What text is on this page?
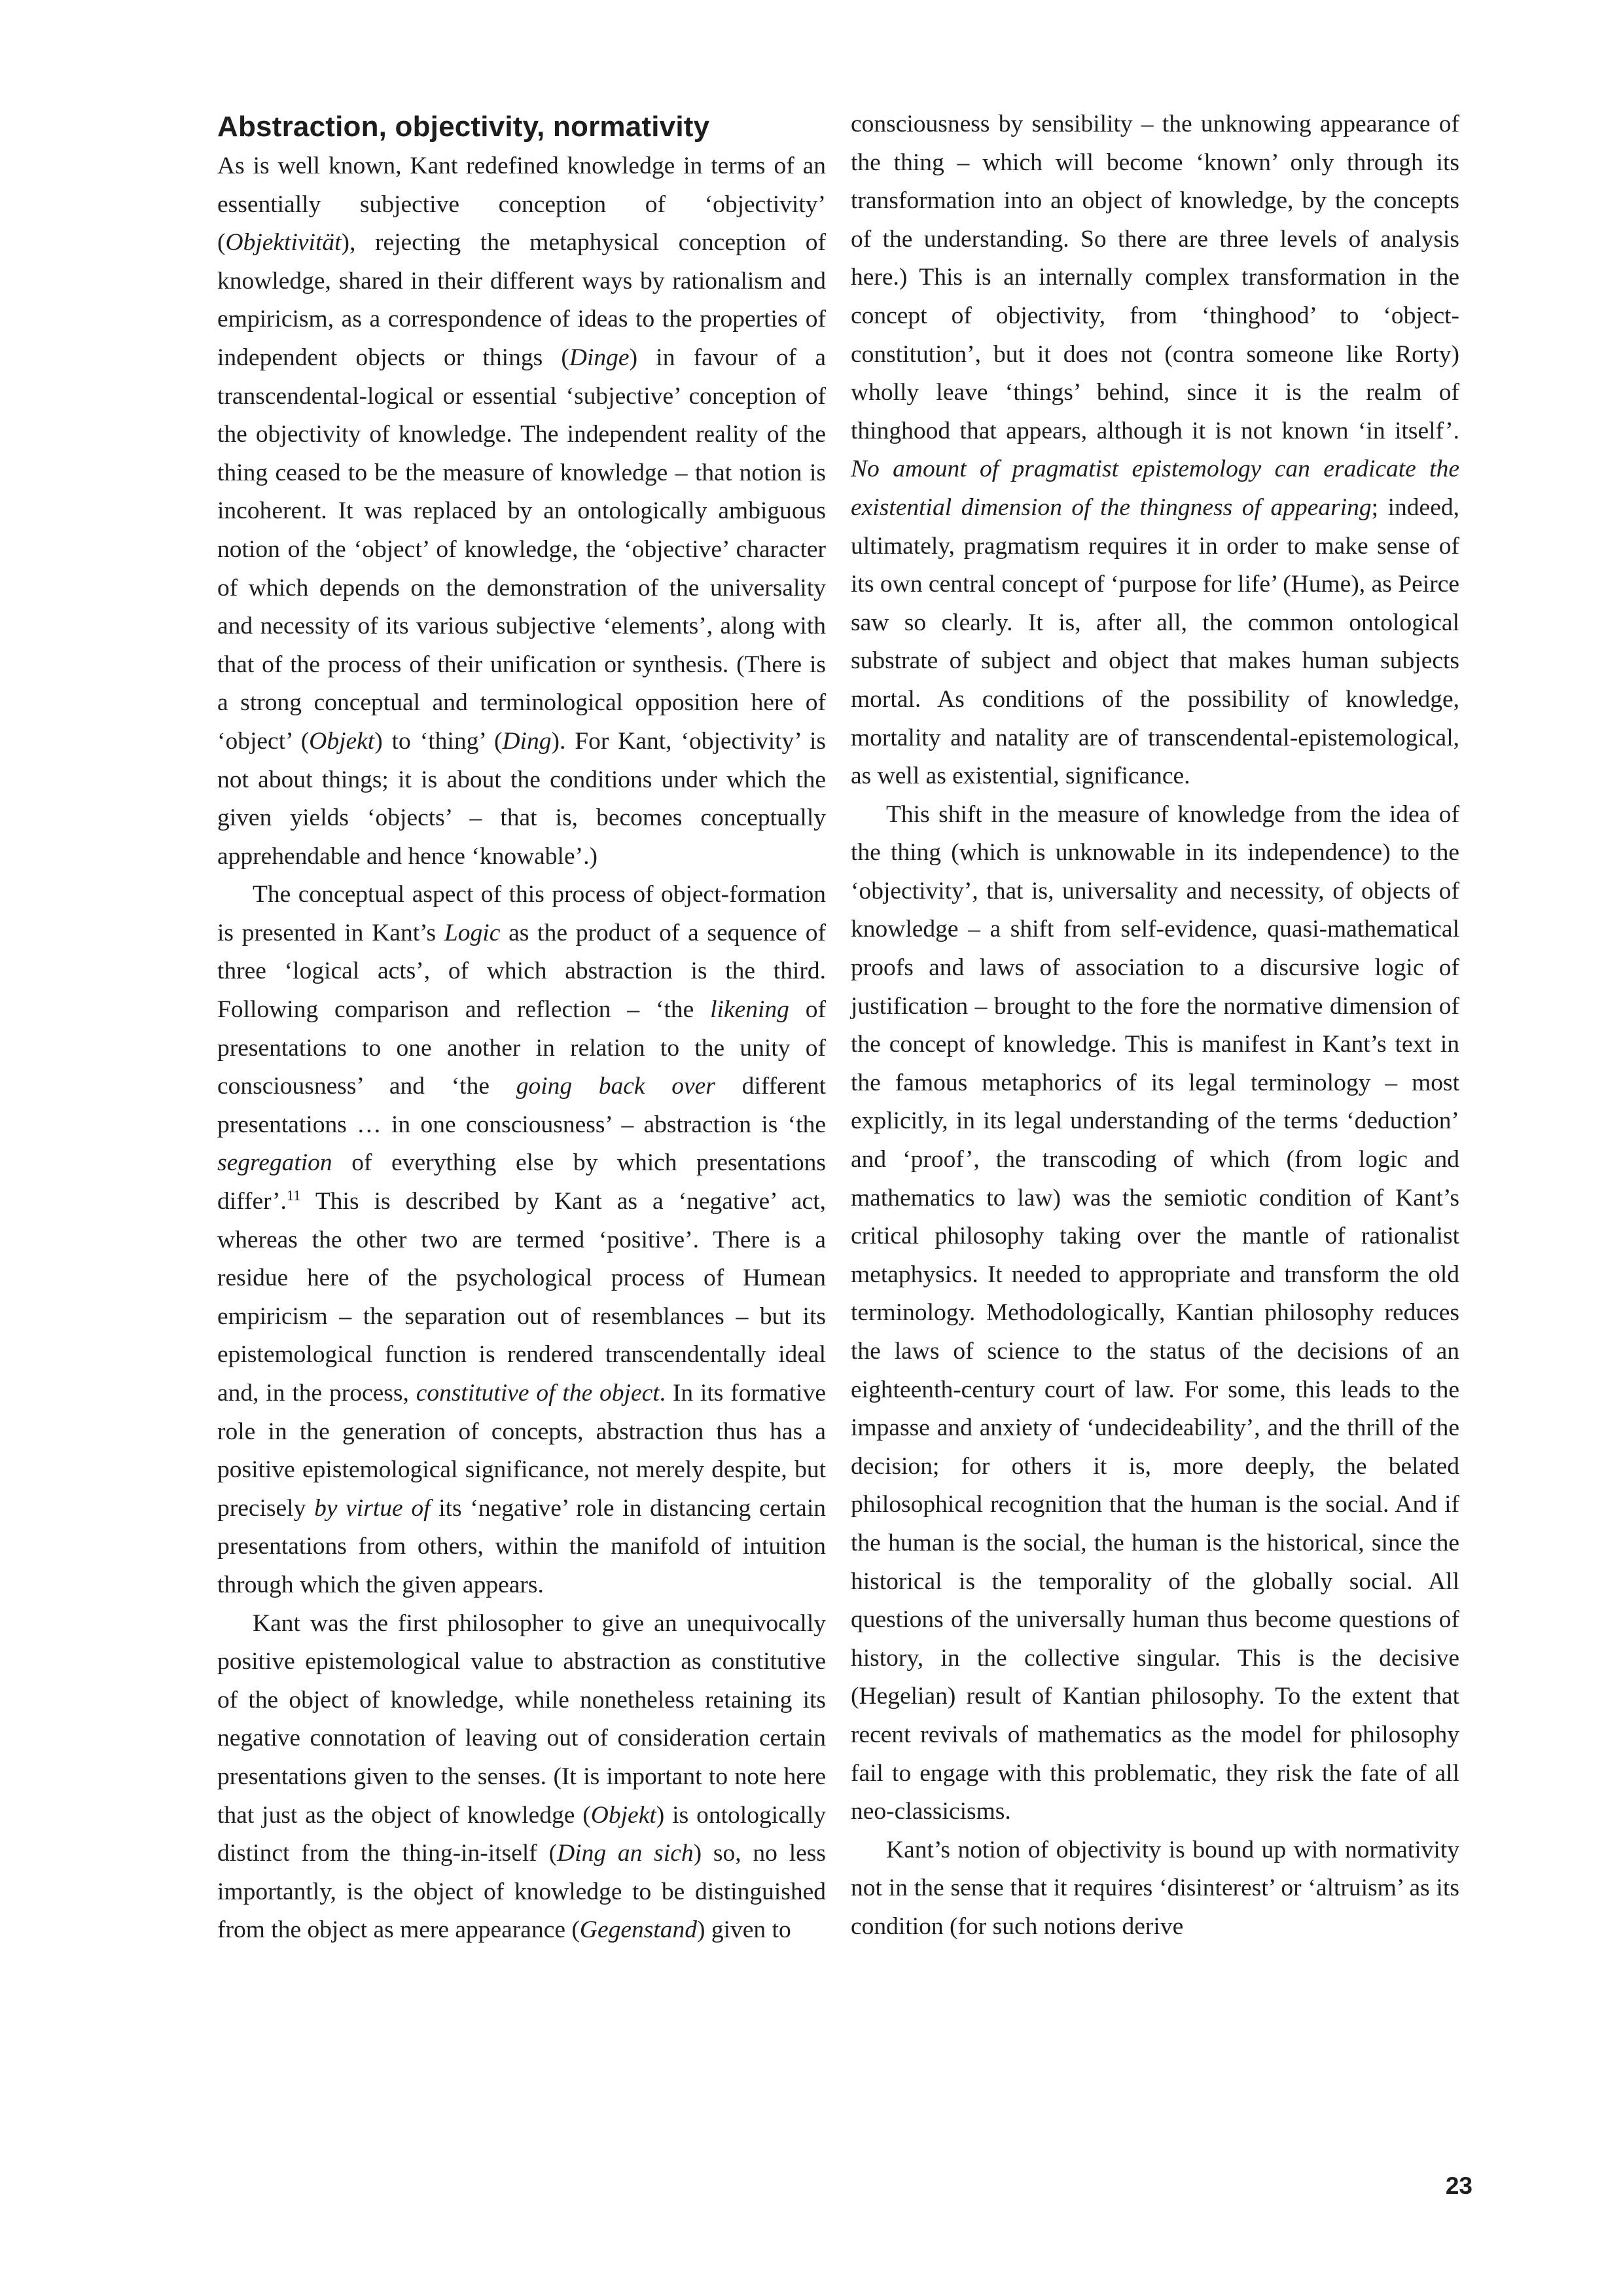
Abstraction, objectivity, normativity

As is well known, Kant redefined knowledge in terms of an essentially subjective conception of ‘objectivity’ (Objektivität), rejecting the metaphysical conception of knowledge, shared in their different ways by rationalism and empiricism, as a correspondence of ideas to the properties of independent objects or things (Dinge) in favour of a transcendental-logical or essential ‘subjective’ conception of the objectivity of knowledge. The independent reality of the thing ceased to be the measure of knowledge – that notion is incoherent. It was replaced by an ontologically ambiguous notion of the ‘object’ of knowledge, the ‘objective’ character of which depends on the demonstration of the universality and necessity of its various subjective ‘elements’, along with that of the process of their unification or synthesis. (There is a strong conceptual and terminological opposition here of ‘object’ (Objekt) to ‘thing’ (Ding). For Kant, ‘objectivity’ is not about things; it is about the conditions under which the given yields ‘objects’ – that is, becomes conceptually apprehendable and hence ‘knowable’.)

The conceptual aspect of this process of object-formation is presented in Kant’s Logic as the product of a sequence of three ‘logical acts’, of which abstraction is the third. Following comparison and reflection – ‘the likening of presentations to one another in relation to the unity of consciousness’ and ‘the going back over different presentations … in one consciousness’ – abstraction is ‘the segregation of everything else by which presentations differ’.$^{11}$ This is described by Kant as a ‘negative’ act, whereas the other two are termed ‘positive’. There is a residue here of the psychological process of Humean empiricism – the separation out of resemblances – but its epistemological function is rendered transcendentally ideal and, in the process, constitutive of the object. In its formative role in the generation of concepts, abstraction thus has a positive epistemological significance, not merely despite, but precisely by virtue of its ‘negative’ role in distancing certain presentations from others, within the manifold of intuition through which the given appears.

Kant was the first philosopher to give an unequivocally positive epistemological value to abstraction as constitutive of the object of knowledge, while nonetheless retaining its negative connotation of leaving out of consideration certain presentations given to the senses. (It is important to note here that just as the object of knowledge (Objekt) is ontologically distinct from the thing-in-itself (Ding an sich) so, no less importantly, is the object of knowledge to be distinguished from the object as mere appearance (Gegenstand) given to

consciousness by sensibility – the unknowing appearance of the thing – which will become ‘known’ only through its transformation into an object of knowledge, by the concepts of the understanding. So there are three levels of analysis here.) This is an internally complex transformation in the concept of objectivity, from ‘thinghood’ to ‘object-constitution’, but it does not (contra someone like Rorty) wholly leave ‘things’ behind, since it is the realm of thinghood that appears, although it is not known ‘in itself’. No amount of pragmatist epistemology can eradicate the existential dimension of the thingness of appearing; indeed, ultimately, pragmatism requires it in order to make sense of its own central concept of ‘purpose for life’ (Hume), as Peirce saw so clearly. It is, after all, the common ontological substrate of subject and object that makes human subjects mortal. As conditions of the possibility of knowledge, mortality and natality are of transcendental-epistemological, as well as existential, significance.

This shift in the measure of knowledge from the idea of the thing (which is unknowable in its independence) to the ‘objectivity’, that is, universality and necessity, of objects of knowledge – a shift from self-evidence, quasi-mathematical proofs and laws of association to a discursive logic of justification – brought to the fore the normative dimension of the concept of knowledge. This is manifest in Kant’s text in the famous metaphorics of its legal terminology – most explicitly, in its legal understanding of the terms ‘deduction’ and ‘proof’, the transcoding of which (from logic and mathematics to law) was the semiotic condition of Kant’s critical philosophy taking over the mantle of rationalist metaphysics. It needed to appropriate and transform the old terminology. Methodologically, Kantian philosophy reduces the laws of science to the status of the decisions of an eighteenth-century court of law. For some, this leads to the impasse and anxiety of ‘undecideability’, and the thrill of the decision; for others it is, more deeply, the belated philosophical recognition that the human is the social. And if the human is the social, the human is the historical, since the historical is the temporality of the globally social. All questions of the universally human thus become questions of history, in the collective singular. This is the decisive (Hegelian) result of Kantian philosophy. To the extent that recent revivals of mathematics as the model for philosophy fail to engage with this problematic, they risk the fate of all neo-classicisms.

Kant’s notion of objectivity is bound up with normativity not in the sense that it requires ‘disinterest’ or ‘altruism’ as its condition (for such notions derive

23
